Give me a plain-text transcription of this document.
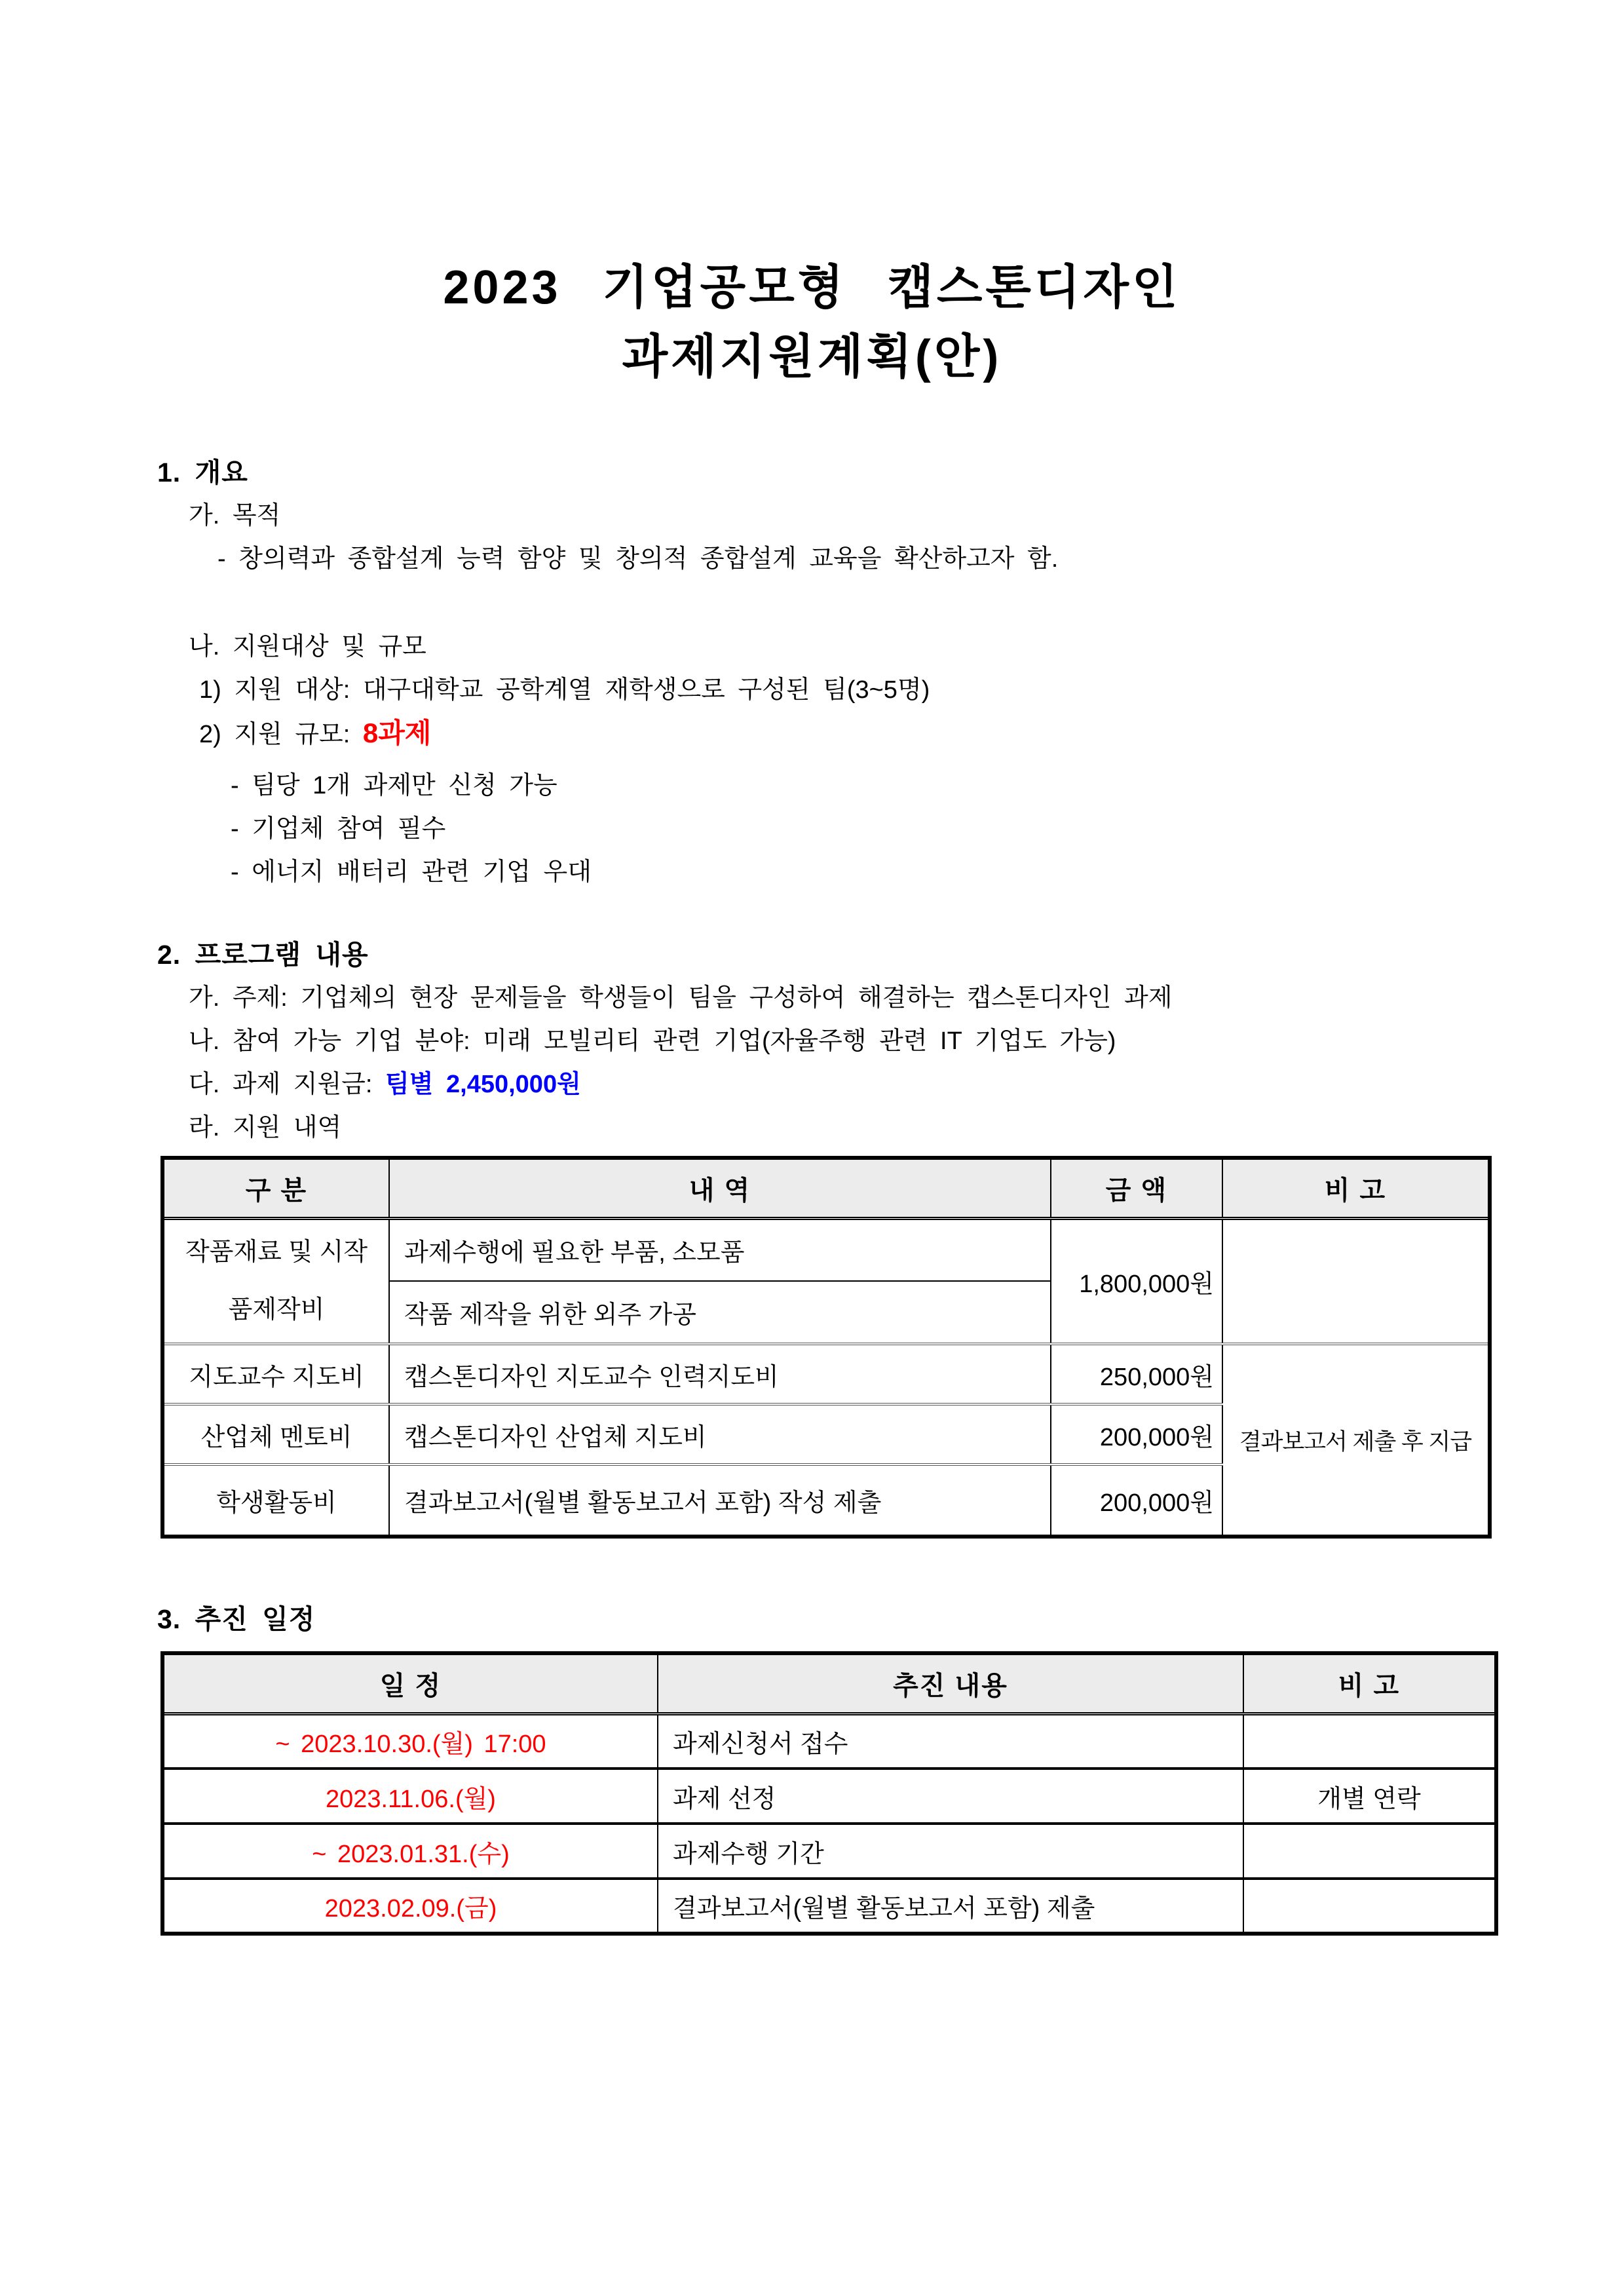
2023 기업공모형 캡스톤디자인
과제지원계획(안)
1. 개요
가. 목적
- 창의력과 종합설계 능력 함양 및 창의적 종합설계 교육을 확산하고자 함.
나. 지원대상 및 규모
1) 지원 대상: 대구대학교 공학계열 재학생으로 구성된 팀(3~5명)
2) 지원 규모: 8과제
- 팀당 1개 과제만 신청 가능
- 기업체 참여 필수
- 에너지 배터리 관련 기업 우대
2. 프로그램 내용
가. 주제: 기업체의 현장 문제들을 학생들이 팀을 구성하여 해결하는 캡스톤디자인 과제
나. 참여 가능 기업 분야: 미래 모빌리티 관련 기업(자율주행 관련 IT 기업도 가능)
다. 과제 지원금: 팀별 2,450,000원
라. 지원 내역
구 분	내 역	금 액	비 고
작품재료 및 시작품제작비	과제수행에 필요한 부품, 소모품	1,800,000원	
	작품 제작을 위한 외주 가공		
지도교수 지도비	캡스톤디자인 지도교수 인력지도비	250,000원	결과보고서 제출 후 지급
산업체 멘토비	캡스톤디자인 산업체 지도비	200,000원	
학생활동비	결과보고서(월별 활동보고서 포함) 작성 제출	200,000원	
3. 추진 일정
일 정	추진 내용	비 고
~ 2023.10.30.(월) 17:00	과제신청서 접수	
2023.11.06.(월)	과제 선정	개별 연락
~ 2023.01.31.(수)	과제수행 기간	
2023.02.09.(금)	결과보고서(월별 활동보고서 포함) 제출	
